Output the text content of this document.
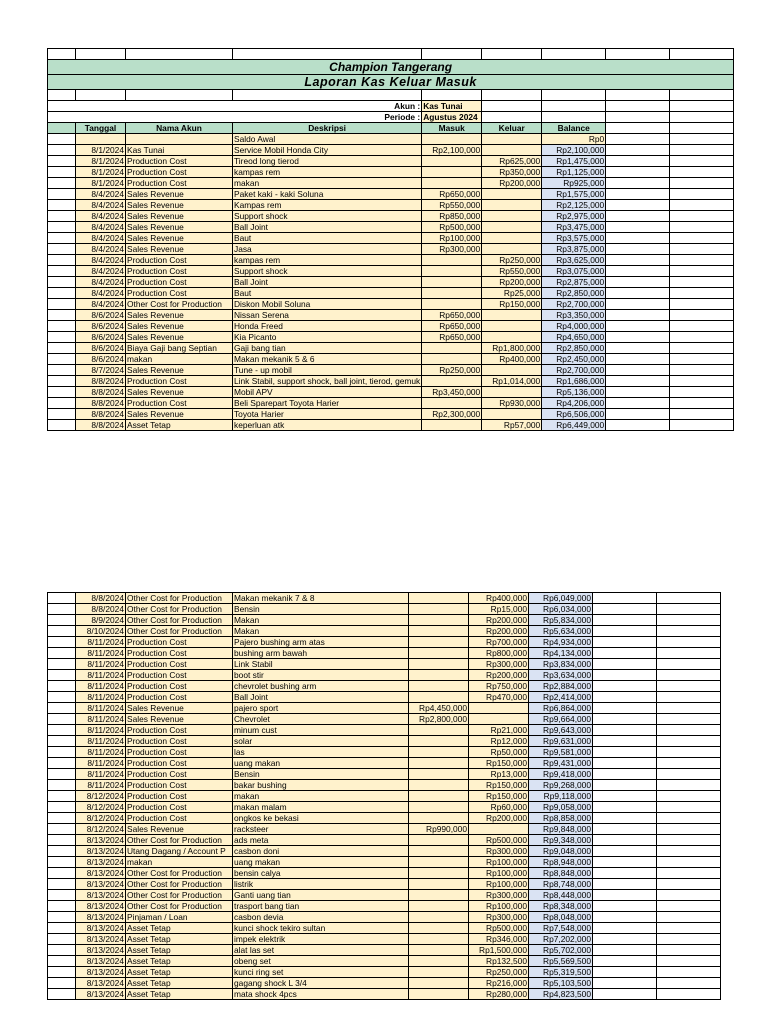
Champion Tangerang								
Laporan Kas Keluar Masuk								

Akun :				Kas Tunai				
Periode :				Agustus 2024				
	Tanggal	Nama Akun	Deskripsi	Masuk	Keluar	Balance		
			Saldo Awal			Rp0		
	8/1/2024	Kas Tunai	Service Mobil Honda City	Rp2,100,000		Rp2,100,000		
	8/1/2024	Production Cost	Tireod long tierod		Rp625,000	Rp1,475,000		
	8/1/2024	Production Cost	kampas rem		Rp350,000	Rp1,125,000		
	8/1/2024	Production Cost	makan		Rp200,000	Rp925,000		
	8/4/2024	Sales Revenue	Paket kaki - kaki Soluna	Rp650,000		Rp1,575,000		
	8/4/2024	Sales Revenue	Kampas rem	Rp550,000		Rp2,125,000		
	8/4/2024	Sales Revenue	Support shock	Rp850,000		Rp2,975,000		
	8/4/2024	Sales Revenue	Ball Joint	Rp500,000		Rp3,475,000		
	8/4/2024	Sales Revenue	Baut	Rp100,000		Rp3,575,000		
	8/4/2024	Sales Revenue	Jasa	Rp300,000		Rp3,875,000		
	8/4/2024	Production Cost	kampas rem		Rp250,000	Rp3,625,000		
	8/4/2024	Production Cost	Support shock		Rp550,000	Rp3,075,000		
	8/4/2024	Production Cost	Ball Joint		Rp200,000	Rp2,875,000		
	8/4/2024	Production Cost	Baut		Rp25,000	Rp2,850,000		
	8/4/2024	Other Cost for Production	Diskon Mobil Soluna		Rp150,000	Rp2,700,000		
	8/6/2024	Sales Revenue	Nissan Serena	Rp650,000		Rp3,350,000		
	8/6/2024	Sales Revenue	Honda Freed	Rp650,000		Rp4,000,000		
	8/6/2024	Sales Revenue	Kia Picanto	Rp650,000		Rp4,650,000		
	8/6/2024	Biaya Gaji bang Septian	Gaji bang tian		Rp1,800,000	Rp2,850,000		
	8/6/2024	makan	Makan mekanik 5 & 6		Rp400,000	Rp2,450,000		
	8/7/2024	Sales Revenue	Tune - up mobil	Rp250,000		Rp2,700,000		
	8/8/2024	Production Cost	Link Stabil, support shock, ball joint, tierod, gemuk		Rp1,014,000	Rp1,686,000		
	8/8/2024	Sales Revenue	Mobil APV	Rp3,450,000		Rp5,136,000		
	8/8/2024	Production Cost	Beli Sparepart Toyota Harier		Rp930,000	Rp4,206,000		
	8/8/2024	Sales Revenue	Toyota Harier	Rp2,300,000		Rp6,506,000		
	8/8/2024	Asset Tetap	keperluan atk		Rp57,000	Rp6,449,000		
	8/8/2024	Other Cost for Production	Makan mekanik 7 & 8		Rp400,000	Rp6,049,000		
	8/8/2024	Other Cost for Production	Bensin		Rp15,000	Rp6,034,000		
	8/9/2024	Other Cost for Production	Makan		Rp200,000	Rp5,834,000		
	8/10/2024	Other Cost for Production	Makan		Rp200,000	Rp5,634,000		
	8/11/2024	Production Cost	Pajero bushing arm atas		Rp700,000	Rp4,934,000		
	8/11/2024	Production Cost	bushing arm bawah		Rp800,000	Rp4,134,000		
	8/11/2024	Production Cost	Link Stabil		Rp300,000	Rp3,834,000		
	8/11/2024	Production Cost	boot stir		Rp200,000	Rp3,634,000		
	8/11/2024	Production Cost	chevrolet bushing arm		Rp750,000	Rp2,884,000		
	8/11/2024	Production Cost	Ball Joint		Rp470,000	Rp2,414,000		
	8/11/2024	Sales Revenue	pajero sport	Rp4,450,000		Rp6,864,000		
	8/11/2024	Sales Revenue	Chevrolet	Rp2,800,000		Rp9,664,000		
	8/11/2024	Production Cost	minum cust		Rp21,000	Rp9,643,000		
	8/11/2024	Production Cost	solar		Rp12,000	Rp9,631,000		
	8/11/2024	Production Cost	las		Rp50,000	Rp9,581,000		
	8/11/2024	Production Cost	uang makan		Rp150,000	Rp9,431,000		
	8/11/2024	Production Cost	Bensin		Rp13,000	Rp9,418,000		
	8/11/2024	Production Cost	bakar bushing		Rp150,000	Rp9,268,000		
	8/12/2024	Production Cost	makan		Rp150,000	Rp9,118,000		
	8/12/2024	Production Cost	makan malam		Rp60,000	Rp9,058,000		
	8/12/2024	Production Cost	ongkos ke bekasi		Rp200,000	Rp8,858,000		
	8/12/2024	Sales Revenue	racksteer	Rp990,000		Rp9,848,000		
	8/13/2024	Other Cost for Production	ads meta		Rp500,000	Rp9,348,000		
	8/13/2024	Utang Dagang / Account P	casbon doni		Rp300,000	Rp9,048,000		
	8/13/2024	makan	uang makan		Rp100,000	Rp8,948,000		
	8/13/2024	Other Cost for Production	bensin calya		Rp100,000	Rp8,848,000		
	8/13/2024	Other Cost for Production	listrik		Rp100,000	Rp8,748,000		
	8/13/2024	Other Cost for Production	Ganti uang tian		Rp300,000	Rp8,448,000		
	8/13/2024	Other Cost for Production	trasport bang tian		Rp100,000	Rp8,348,000		
	8/13/2024	Pinjaman / Loan	casbon devia		Rp300,000	Rp8,048,000		
	8/13/2024	Asset Tetap	kunci shock tekiro sultan		Rp500,000	Rp7,548,000		
	8/13/2024	Asset Tetap	impek elektrik		Rp346,000	Rp7,202,000		
	8/13/2024	Asset Tetap	alat las set		Rp1,500,000	Rp5,702,000		
	8/13/2024	Asset Tetap	obeng set		Rp132,500	Rp5,569,500		
	8/13/2024	Asset Tetap	kunci ring set		Rp250,000	Rp5,319,500		
	8/13/2024	Asset Tetap	gagang shock L 3/4		Rp216,000	Rp5,103,500		
	8/13/2024	Asset Tetap	mata shock 4pcs		Rp280,000	Rp4,823,500		
